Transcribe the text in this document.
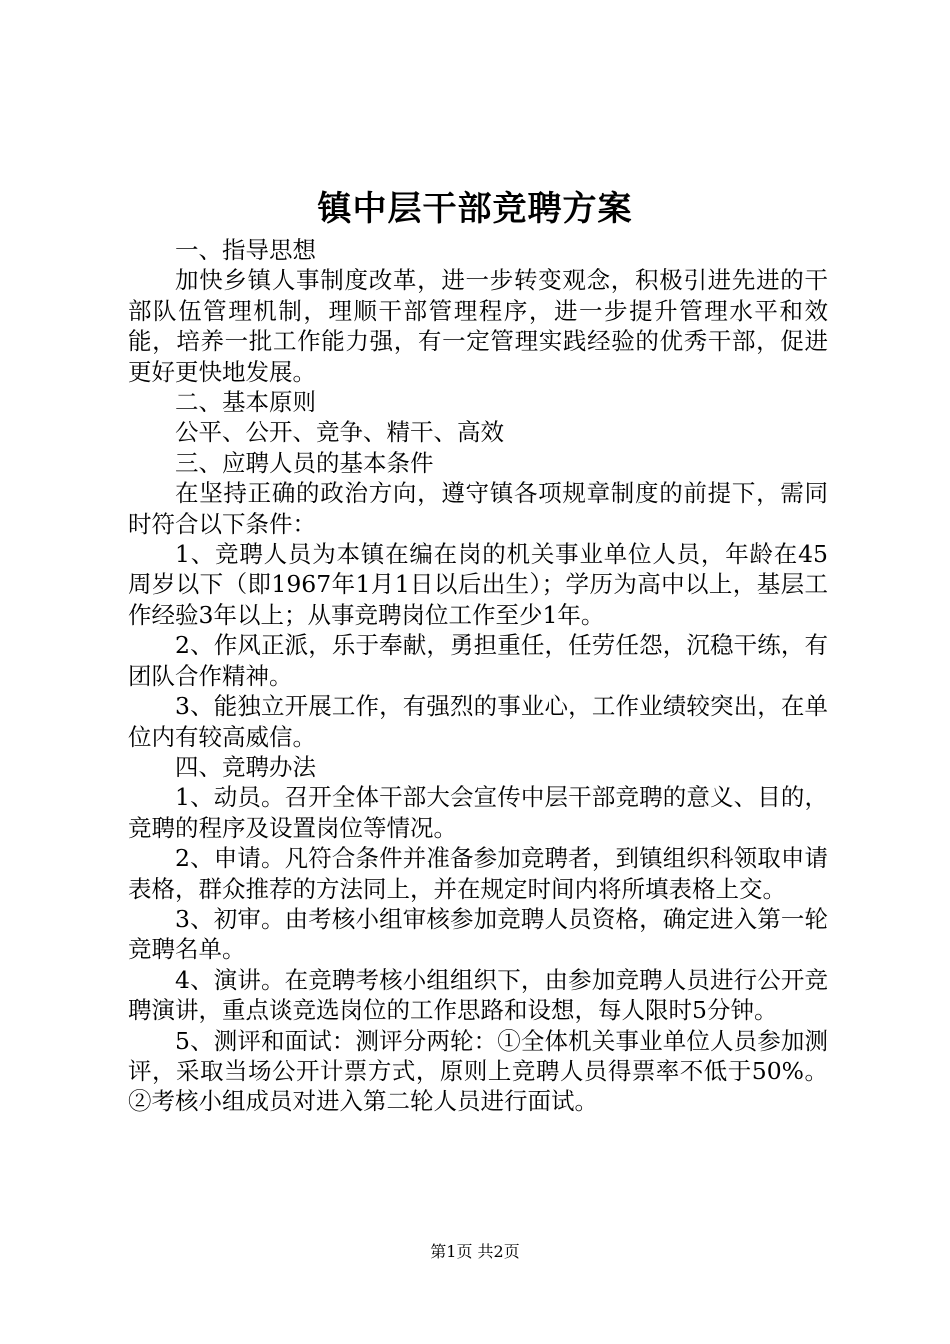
镇中层干部竞聘方案

一、指导思想

加快乡镇人事制度改革，进一步转变观念，积极引进先进的干部队伍管理机制，理顺干部管理程序，进一步提升管理水平和效能，培养一批工作能力强，有一定管理实践经验的优秀干部，促进更好更快地发展。

二、基本原则

公平、公开、竞争、精干、高效

三、应聘人员的基本条件

在坚持正确的政治方向，遵守镇各项规章制度的前提下，需同时符合以下条件：

1、竞聘人员为本镇在编在岗的机关事业单位人员，年龄在45周岁以下（即1967年1月1日以后出生）；学历为高中以上，基层工作经验3年以上；从事竞聘岗位工作至少1年。

2、作风正派，乐于奉献，勇担重任，任劳任怨，沉稳干练，有团队合作精神。

3、能独立开展工作，有强烈的事业心，工作业绩较突出，在单位内有较高威信。

四、竞聘办法

1、动员。召开全体干部大会宣传中层干部竞聘的意义、目的，竞聘的程序及设置岗位等情况。

2、申请。凡符合条件并准备参加竞聘者，到镇组织科领取申请表格，群众推荐的方法同上，并在规定时间内将所填表格上交。

3、初审。由考核小组审核参加竞聘人员资格，确定进入第一轮竞聘名单。

4、演讲。在竞聘考核小组组织下，由参加竞聘人员进行公开竞聘演讲，重点谈竞选岗位的工作思路和设想，每人限时5分钟。

5、测评和面试：测评分两轮：①全体机关事业单位人员参加测评，采取当场公开计票方式，原则上竞聘人员得票率不低于50%。②考核小组成员对进入第二轮人员进行面试。

第1页 共2页
